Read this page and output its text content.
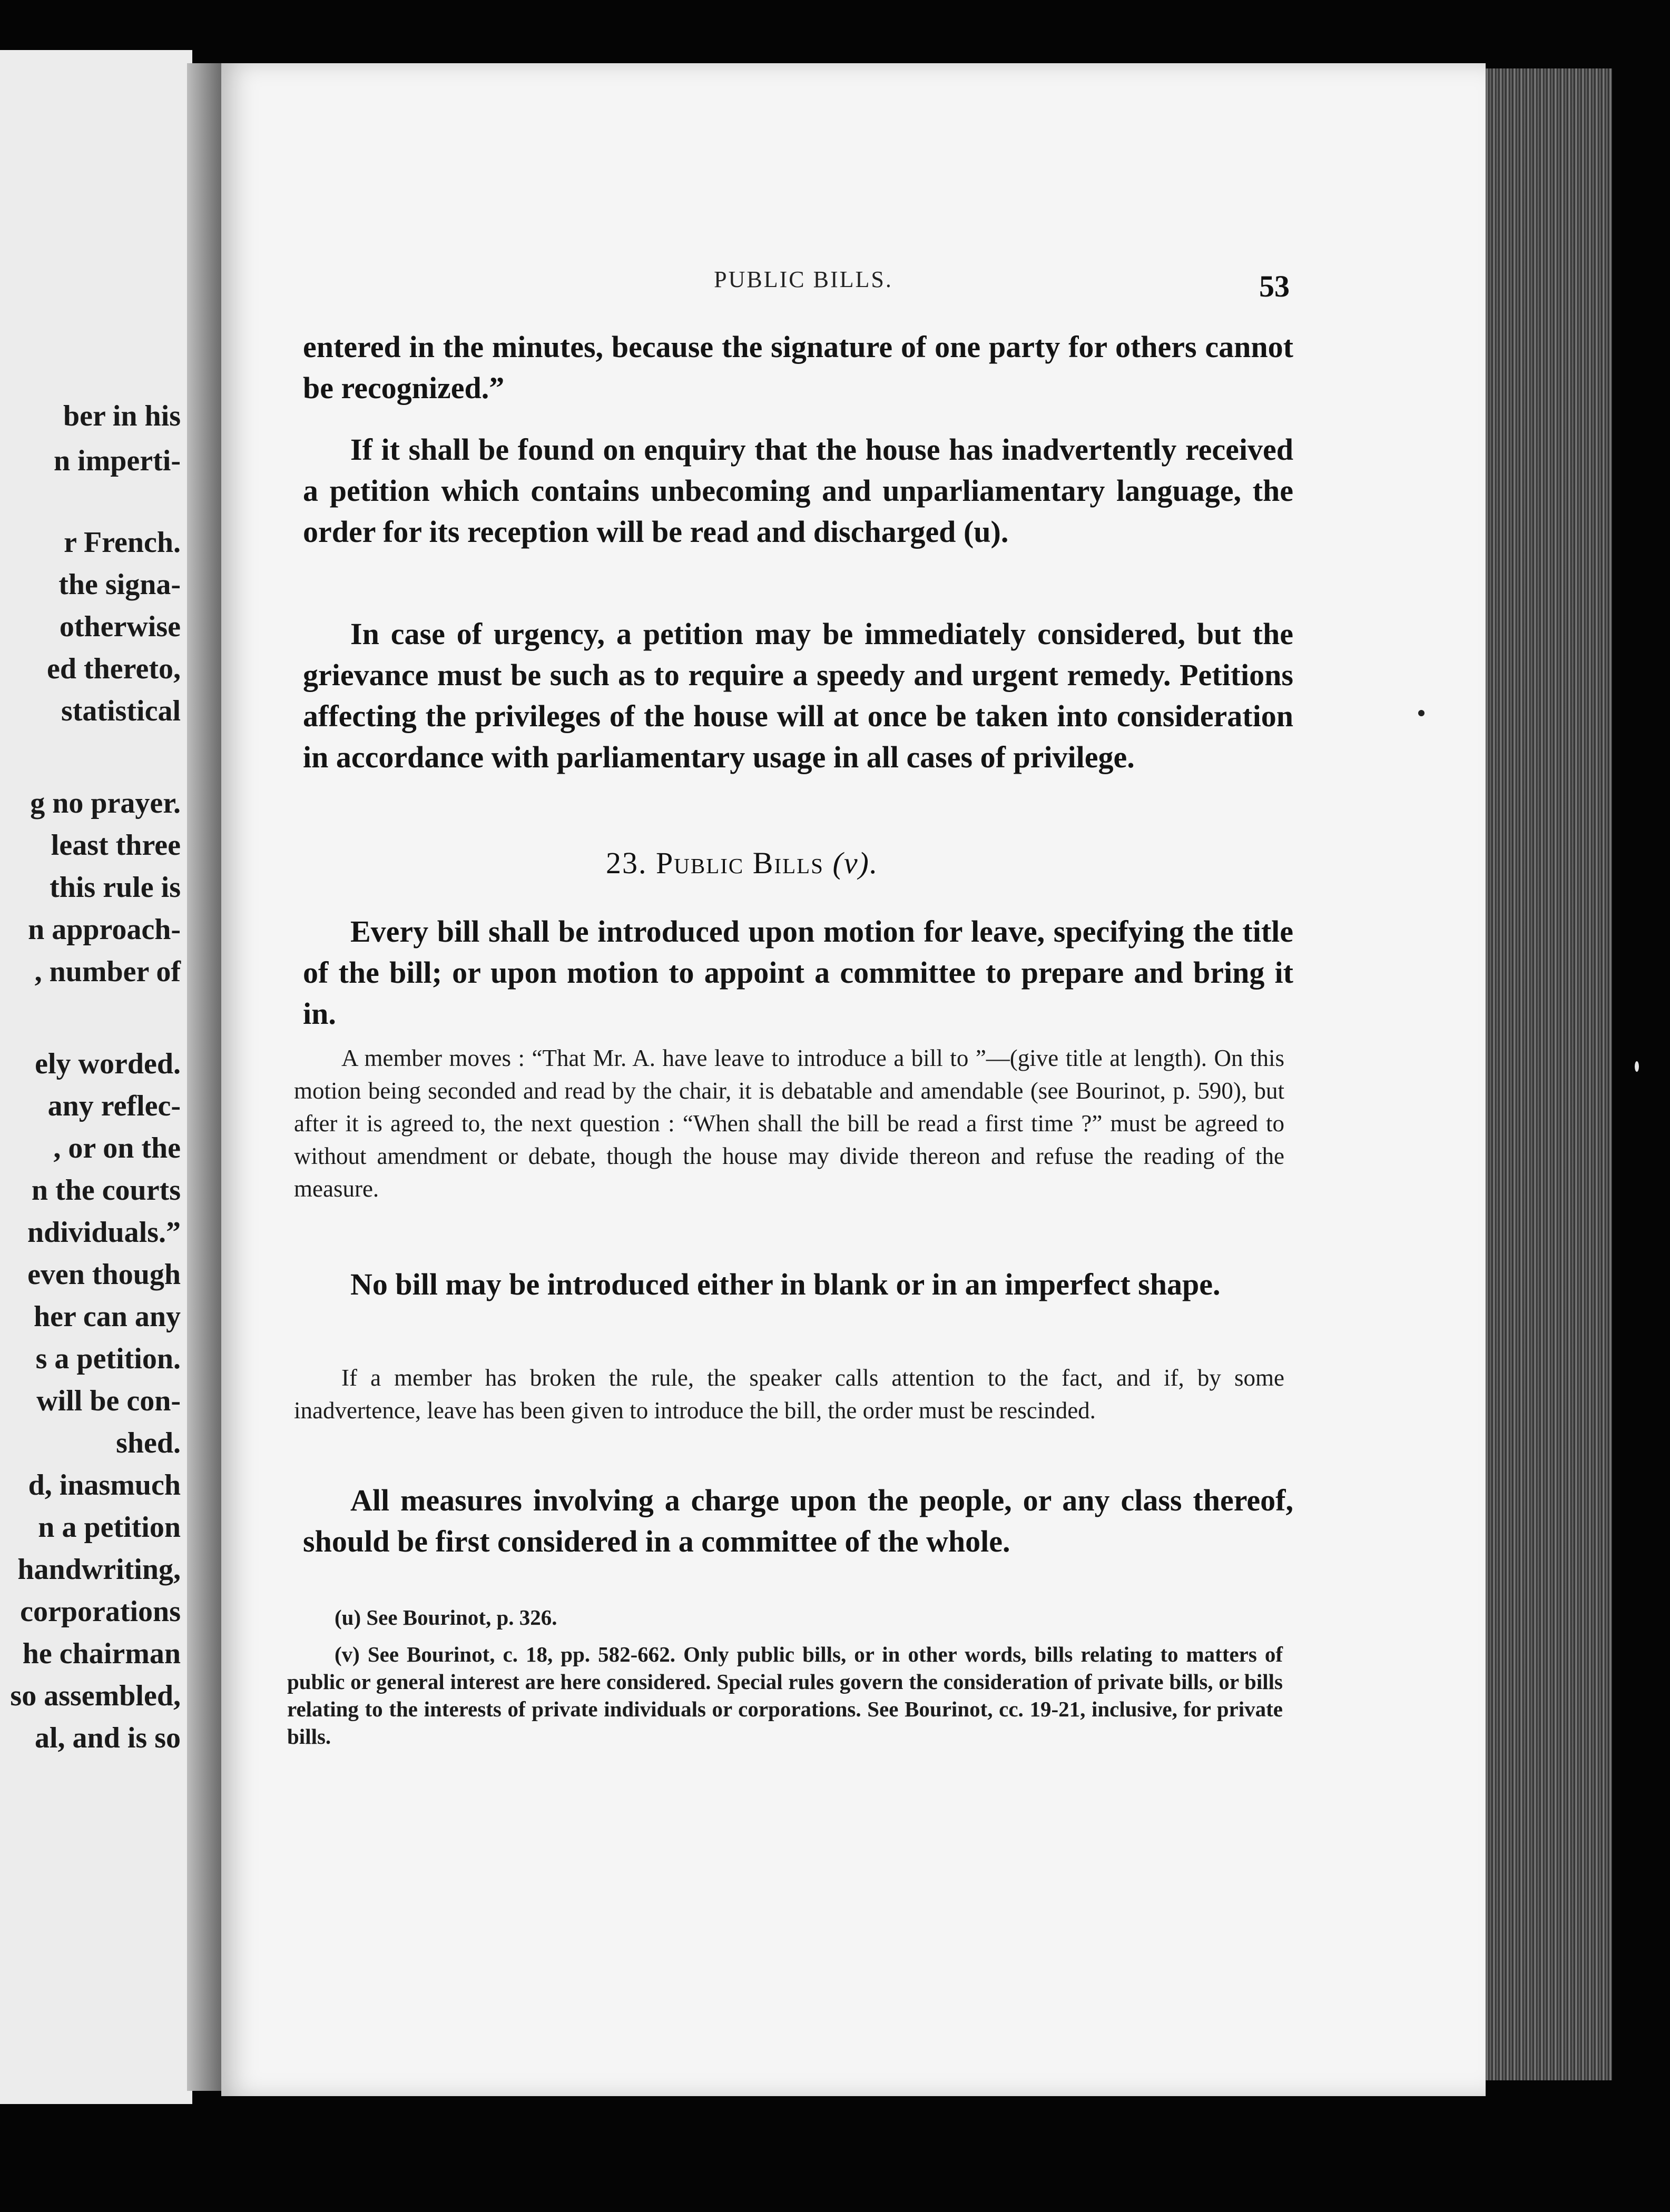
ber in his
n imperti-
r French.
the signa-
otherwise
ed thereto,
statistical
g no prayer.
least three
this rule is
n approach-
, number of
ely worded.
any reflec-
, or on the
n the courts
ndividuals.”
even though
her can any
s a petition.
will be con-
shed.
d, inasmuch
n a petition
handwriting,
corporations
he chairman
so assembled,
al, and is so
PUBLIC BILLS.	53
entered in the minutes, because the signature of one party for others cannot be recognized.”
If it shall be found on enquiry that the house has inadvertently received a petition which contains unbecoming and unparliamentary language, the order for its reception will be read and discharged (u).
In case of urgency, a petition may be immediately considered, but the grievance must be such as to require a speedy and urgent remedy. Petitions affecting the privileges of the house will at once be taken into consideration in accordance with parliamentary usage in all cases of privilege.
23. Public Bills (v).
Every bill shall be introduced upon motion for leave, specifying the title of the bill; or upon motion to appoint a committee to prepare and bring it in.
A member moves : “That Mr. A. have leave to introduce a bill to ”—(give title at length). On this motion being seconded and read by the chair, it is debatable and amendable (see Bourinot, p. 590), but after it is agreed to, the next question : “When shall the bill be read a first time ?” must be agreed to without amendment or debate, though the house may divide thereon and refuse the reading of the measure.
No bill may be introduced either in blank or in an imperfect shape.
If a member has broken the rule, the speaker calls attention to the fact, and if, by some inadvertence, leave has been given to introduce the bill, the order must be rescinded.
All measures involving a charge upon the people, or any class thereof, should be first considered in a committee of the whole.
(u) See Bourinot, p. 326.
(v) See Bourinot, c. 18, pp. 582-662. Only public bills, or in other words, bills relating to matters of public or general interest are here considered. Special rules govern the consideration of private bills, or bills relating to the interests of private individuals or corporations. See Bourinot, cc. 19-21, inclusive, for private bills.
